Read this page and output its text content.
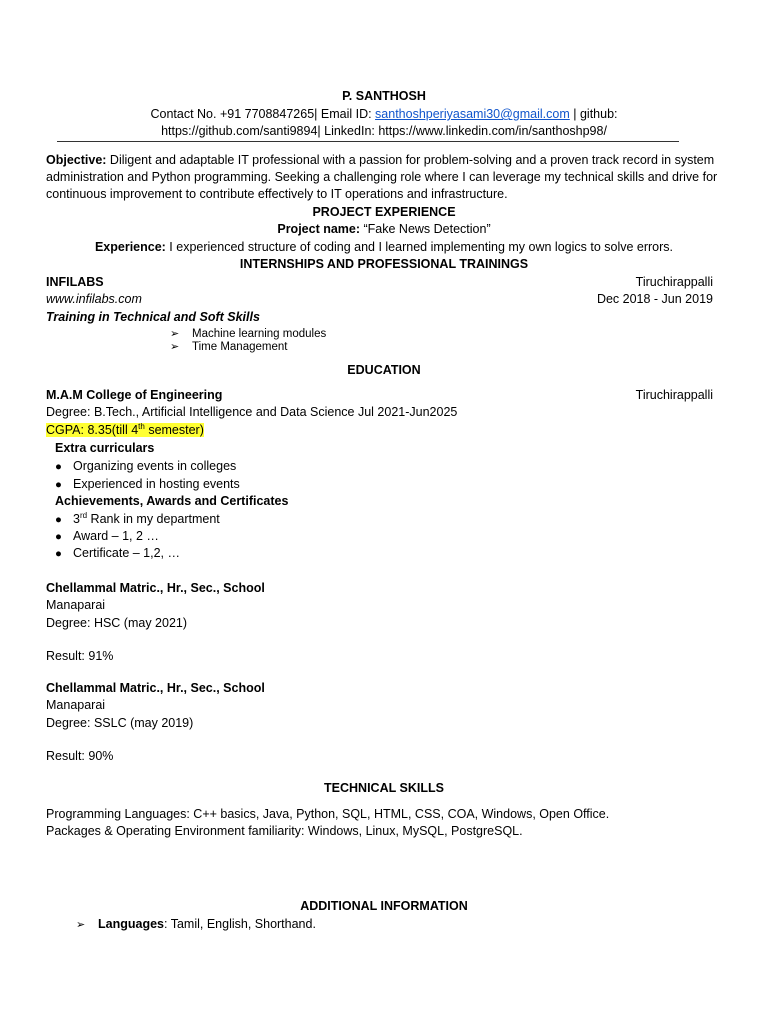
P. SANTHOSH
Contact No. +91 7708847265| Email ID: santhoshperiyasami30@gmail.com | github:
https://github.com/santi9894| LinkedIn: https://www.linkedin.com/in/santhoshp98/
Objective: Diligent and adaptable IT professional with a passion for problem-solving and a proven track record in system administration and Python programming. Seeking a challenging role where I can leverage my technical skills and drive for continuous improvement to contribute effectively to IT operations and infrastructure.
PROJECT EXPERIENCE
Project name: “Fake News Detection”
Experience: I experienced structure of coding and I learned implementing my own logics to solve errors.
INTERNSHIPS AND PROFESSIONAL TRAININGS
INFILABS	Tiruchirappalli
www.infilabs.com	Dec 2018 - Jun 2019
Training in Technical and Soft Skills
➢ Machine learning modules
➢ Time Management
EDUCATION
M.A.M College of Engineering	Tiruchirappalli
Degree: B.Tech., Artificial Intelligence and Data Science Jul 2021-Jun2025
CGPA: 8.35(till 4th semester)
Extra curriculars
● Organizing events in colleges
● Experienced in hosting events
Achievements, Awards and Certificates
● 3rd Rank in my department
● Award – 1, 2 …
● Certificate – 1,2, …
Chellammal Matric., Hr., Sec., School
Manaparai
Degree: HSC (may 2021)
Result: 91%
Chellammal Matric., Hr., Sec., School
Manaparai
Degree: SSLC (may 2019)
Result: 90%
TECHNICAL SKILLS
Programming Languages: C++ basics, Java, Python, SQL, HTML, CSS, COA, Windows, Open Office.
Packages & Operating Environment familiarity: Windows, Linux, MySQL, PostgreSQL.
ADDITIONAL INFORMATION
➢ Languages: Tamil, English, Shorthand.
